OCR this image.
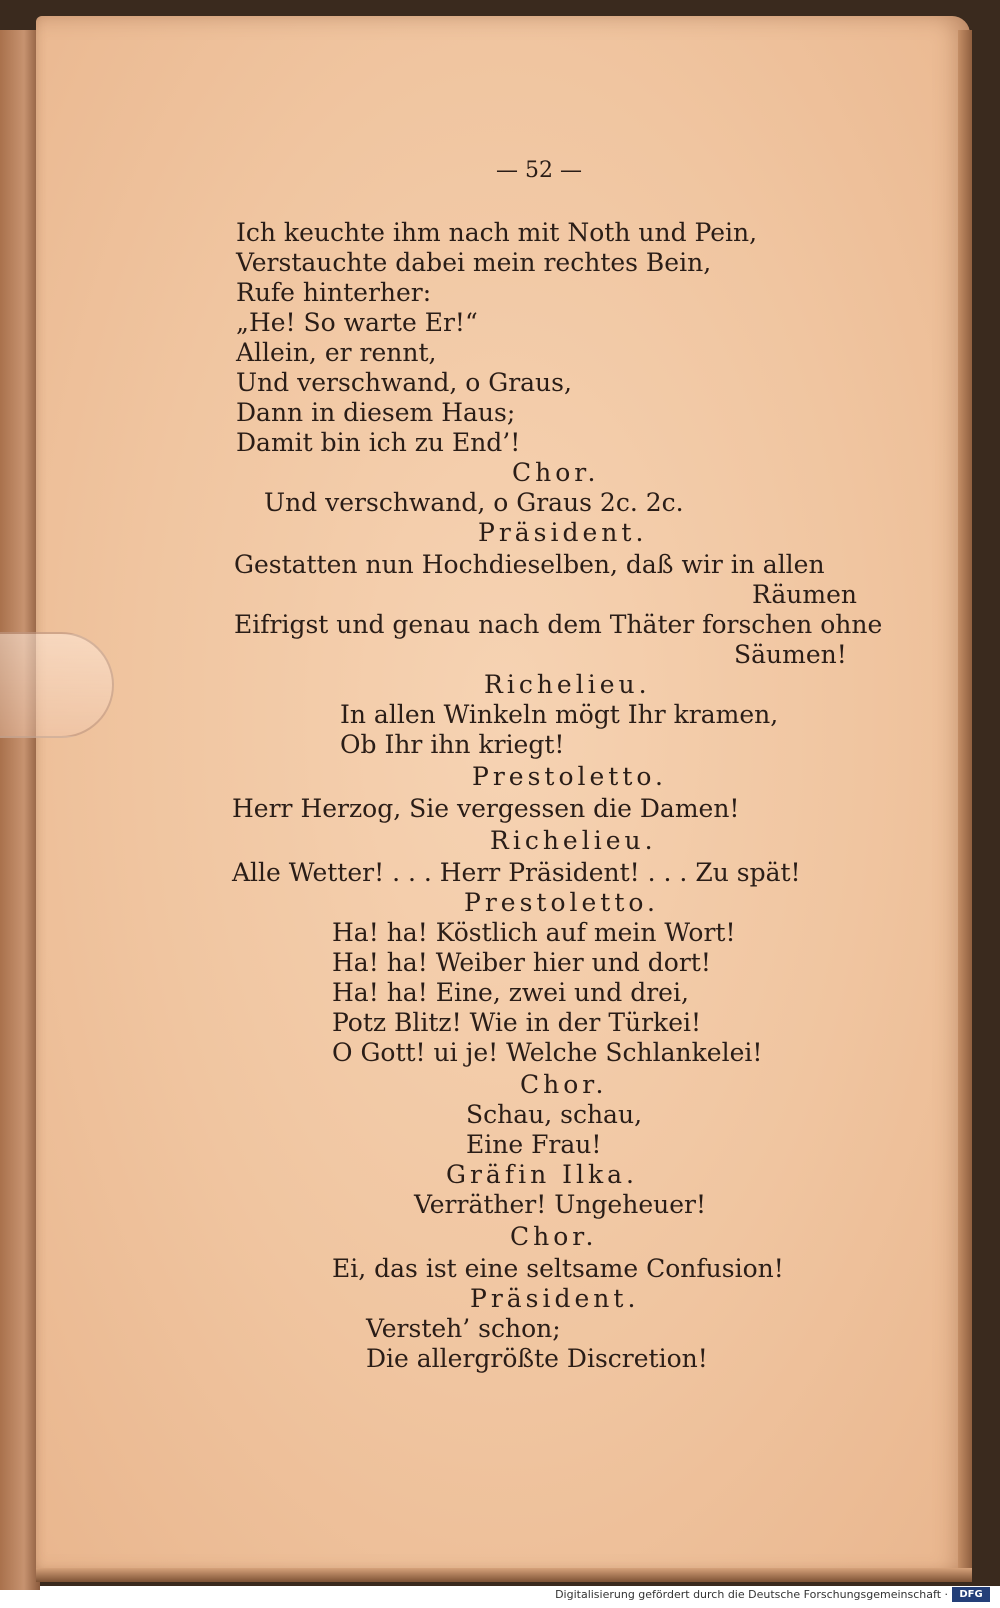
— 52 —
Ich keuchte ihm nach mit Noth und Pein,
Verstauchte dabei mein rechtes Bein,
Rufe hinterher:
„He! So warte Er!“
Allein, er rennt,
Und verschwand, o Graus,
Dann in diesem Haus;
Damit bin ich zu End’!
Chor.
Und verschwand, o Graus 2c. 2c.
Präsident.
Gestatten nun Hochdieselben, daß wir in allen
Räumen
Eifrigst und genau nach dem Thäter forschen ohne
Säumen!
Richelieu.
In allen Winkeln mögt Ihr kramen,
Ob Ihr ihn kriegt!
Prestoletto.
Herr Herzog, Sie vergessen die Damen!
Richelieu.
Alle Wetter! . . . Herr Präsident! . . . Zu spät!
Prestoletto.
Ha! ha! Köstlich auf mein Wort!
Ha! ha! Weiber hier und dort!
Ha! ha! Eine, zwei und drei,
Potz Blitz! Wie in der Türkei!
O Gott! ui je! Welche Schlankelei!
Chor.
Schau, schau,
Eine Frau!
Gräfin Ilka.
Verräther! Ungeheuer!
Chor.
Ei, das ist eine seltsame Confusion!
Präsident.
Versteh’ schon;
Die allergrößte Discretion!
Digitalisierung gefördert durch die Deutsche Forschungsgemeinschaft ·	DFG
